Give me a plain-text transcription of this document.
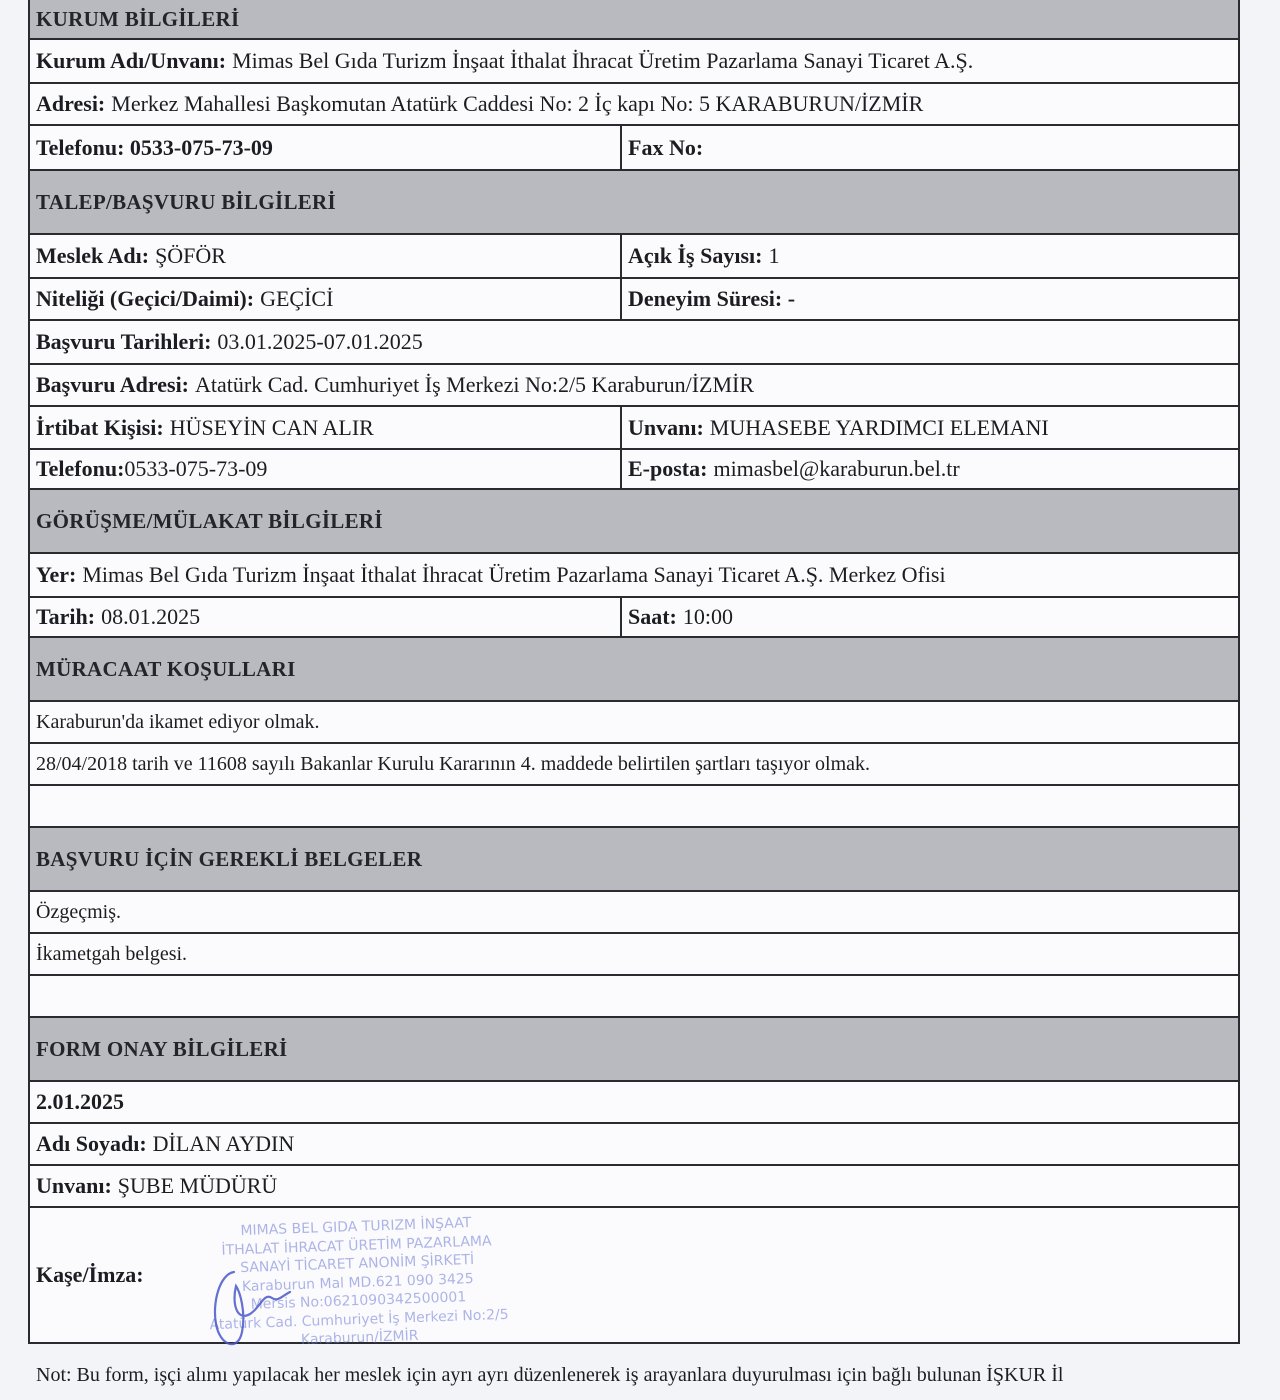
KURUM BİLGİLERİ
Kurum Adı/Unvanı: Mimas Bel Gıda Turizm İnşaat İthalat İhracat Üretim Pazarlama Sanayi Ticaret A.Ş.
Adresi: Merkez Mahallesi Başkomutan Atatürk Caddesi No: 2 İç kapı No: 5 KARABURUN/İZMİR
Telefonu: 0533-075-73-09	Fax No:
TALEP/BAŞVURU BİLGİLERİ
Meslek Adı: ŞÖFÖR	Açık İş Sayısı: 1
Niteliği (Geçici/Daimi): GEÇİCİ	Deneyim Süresi: -
Başvuru Tarihleri: 03.01.2025-07.01.2025
Başvuru Adresi: Atatürk Cad. Cumhuriyet İş Merkezi No:2/5 Karaburun/İZMİR
İrtibat Kişisi: HÜSEYİN CAN ALIR	Unvanı: MUHASEBE YARDIMCI ELEMANI
Telefonu: 0533-075-73-09	E-posta: mimasbel@karaburun.bel.tr
GÖRÜŞME/MÜLAKAT BİLGİLERİ
Yer: Mimas Bel Gıda Turizm İnşaat İthalat İhracat Üretim Pazarlama Sanayi Ticaret A.Ş. Merkez Ofisi
Tarih: 08.01.2025	Saat: 10:00
MÜRACAAT KOŞULLARI
Karaburun'da ikamet ediyor olmak.
28/04/2018 tarih ve 11608 sayılı Bakanlar Kurulu Kararının 4. maddede belirtilen şartları taşıyor olmak.
BAŞVURU İÇİN GEREKLİ BELGELER
Özgeçmiş.
İkametgah belgesi.
FORM ONAY BİLGİLERİ
2.01.2025
Adı Soyadı: DİLAN AYDIN
Unvanı: ŞUBE MÜDÜRÜ
Kaşe/İmza:
MIMAS BEL GIDA TURIZM İNŞAAT
İTHALAT İHRACAT ÜRETİM PAZARLAMA
SANAYİ TİCARET ANONİM ŞİRKETİ
Karaburun Mal MD.621 090 3425
Mersis No:0621090342500001
Atatürk Cad. Cumhuriyet İş Merkezi No:2/5
Karaburun/İZMİR
Not: Bu form, işçi alımı yapılacak her meslek için ayrı ayrı düzenlenerek iş arayanlara duyurulması için bağlı bulunan İŞKUR İl
